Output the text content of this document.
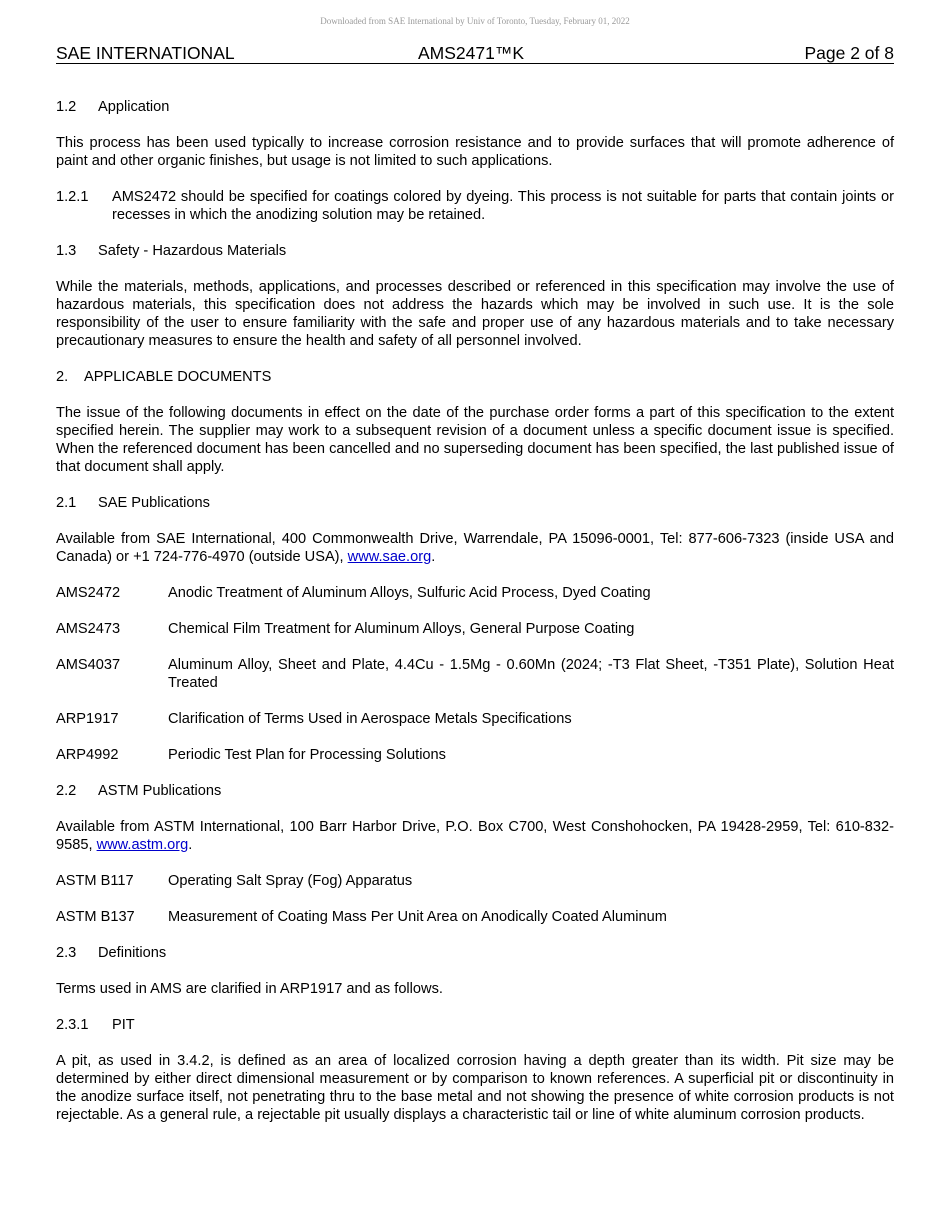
Downloaded from SAE International by Univ of Toronto, Tuesday, February 01, 2022
SAE INTERNATIONAL	AMS2471™K	Page 2 of 8
1.2 Application

This process has been used typically to increase corrosion resistance and to provide surfaces that will promote adherence of paint and other organic finishes, but usage is not limited to such applications.

1.2.1	AMS2472 should be specified for coatings colored by dyeing. This process is not suitable for parts that contain joints or recesses in which the anodizing solution may be retained.
1.3 Safety - Hazardous Materials

While the materials, methods, applications, and processes described or referenced in this specification may involve the use of hazardous materials, this specification does not address the hazards which may be involved in such use. It is the sole responsibility of the user to ensure familiarity with the safe and proper use of any hazardous materials and to take necessary precautionary measures to ensure the health and safety of all personnel involved.

2. APPLICABLE DOCUMENTS

The issue of the following documents in effect on the date of the purchase order forms a part of this specification to the extent specified herein. The supplier may work to a subsequent revision of a document unless a specific document issue is specified. When the referenced document has been cancelled and no superseding document has been specified, the last published issue of that document shall apply.

2.1 SAE Publications

Available from SAE International, 400 Commonwealth Drive, Warrendale, PA 15096-0001, Tel: 877-606-7323 (inside USA and Canada) or +1 724-776-4970 (outside USA), www.sae.org.

AMS2472	Anodic Treatment of Aluminum Alloys, Sulfuric Acid Process, Dyed Coating
AMS2473	Chemical Film Treatment for Aluminum Alloys, General Purpose Coating
AMS4037	Aluminum Alloy, Sheet and Plate, 4.4Cu - 1.5Mg - 0.60Mn (2024; -T3 Flat Sheet, -T351 Plate), Solution Heat Treated
ARP1917	Clarification of Terms Used in Aerospace Metals Specifications
ARP4992	Periodic Test Plan for Processing Solutions
2.2 ASTM Publications

Available from ASTM International, 100 Barr Harbor Drive, P.O. Box C700, West Conshohocken, PA 19428-2959, Tel: 610-832-9585, www.astm.org.

ASTM B117	Operating Salt Spray (Fog) Apparatus
ASTM B137	Measurement of Coating Mass Per Unit Area on Anodically Coated Aluminum
2.3 Definitions

Terms used in AMS are clarified in ARP1917 and as follows.

2.3.1 PIT

A pit, as used in 3.4.2, is defined as an area of localized corrosion having a depth greater than its width. Pit size may be determined by either direct dimensional measurement or by comparison to known references. A superficial pit or discontinuity in the anodize surface itself, not penetrating thru to the base metal and not showing the presence of white corrosion products is not rejectable. As a general rule, a rejectable pit usually displays a characteristic tail or line of white aluminum corrosion products.
